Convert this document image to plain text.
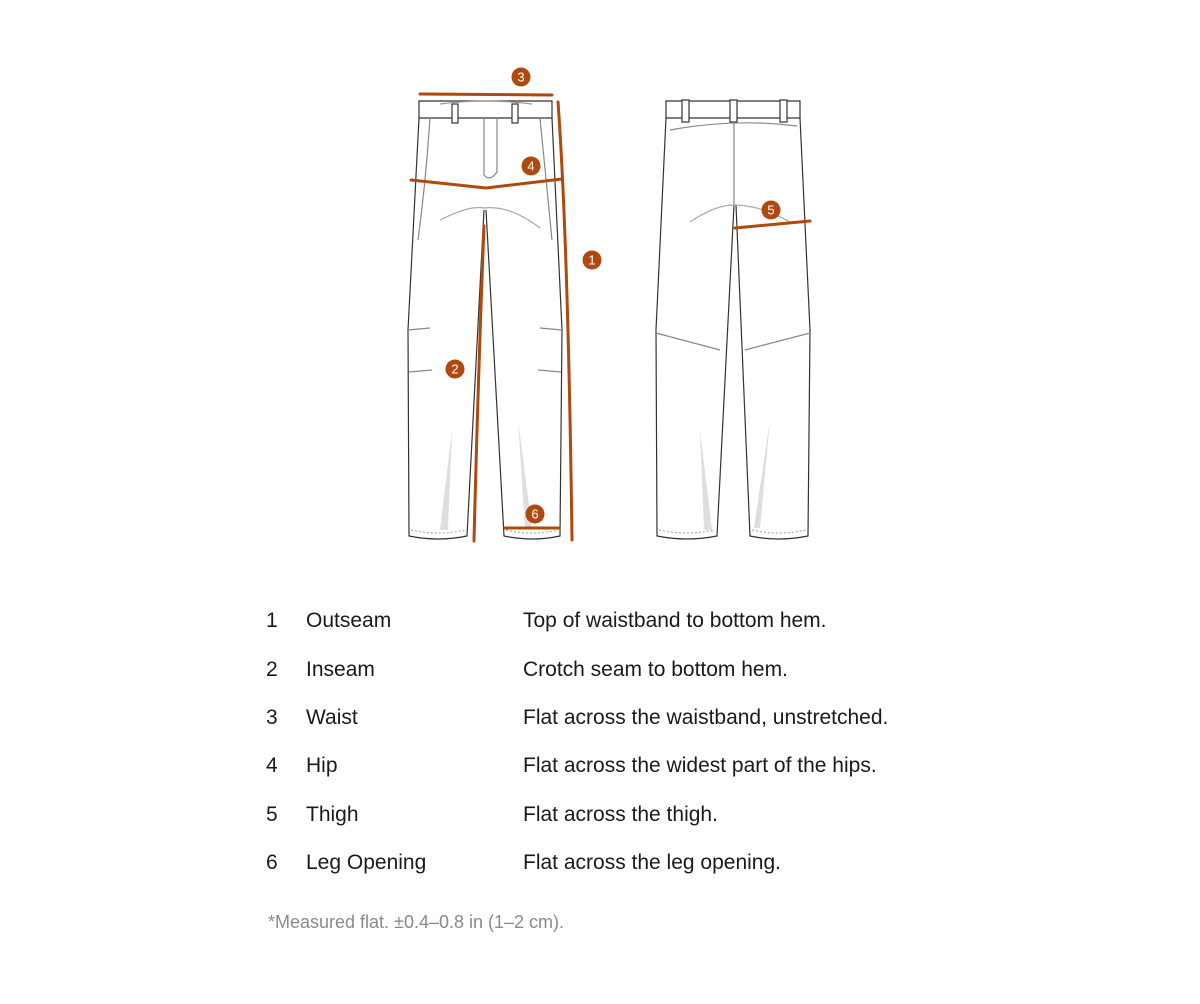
1
2
3
4
5
6
1	Outseam	Top of waistband to bottom hem.
2	Inseam	Crotch seam to bottom hem.
3	Waist	Flat across the waistband, unstretched.
4	Hip	Flat across the widest part of the hips.
5	Thigh	Flat across the thigh.
6	Leg Opening	Flat across the leg opening.
*Measured flat. ±0.4–0.8 in (1–2 cm).
